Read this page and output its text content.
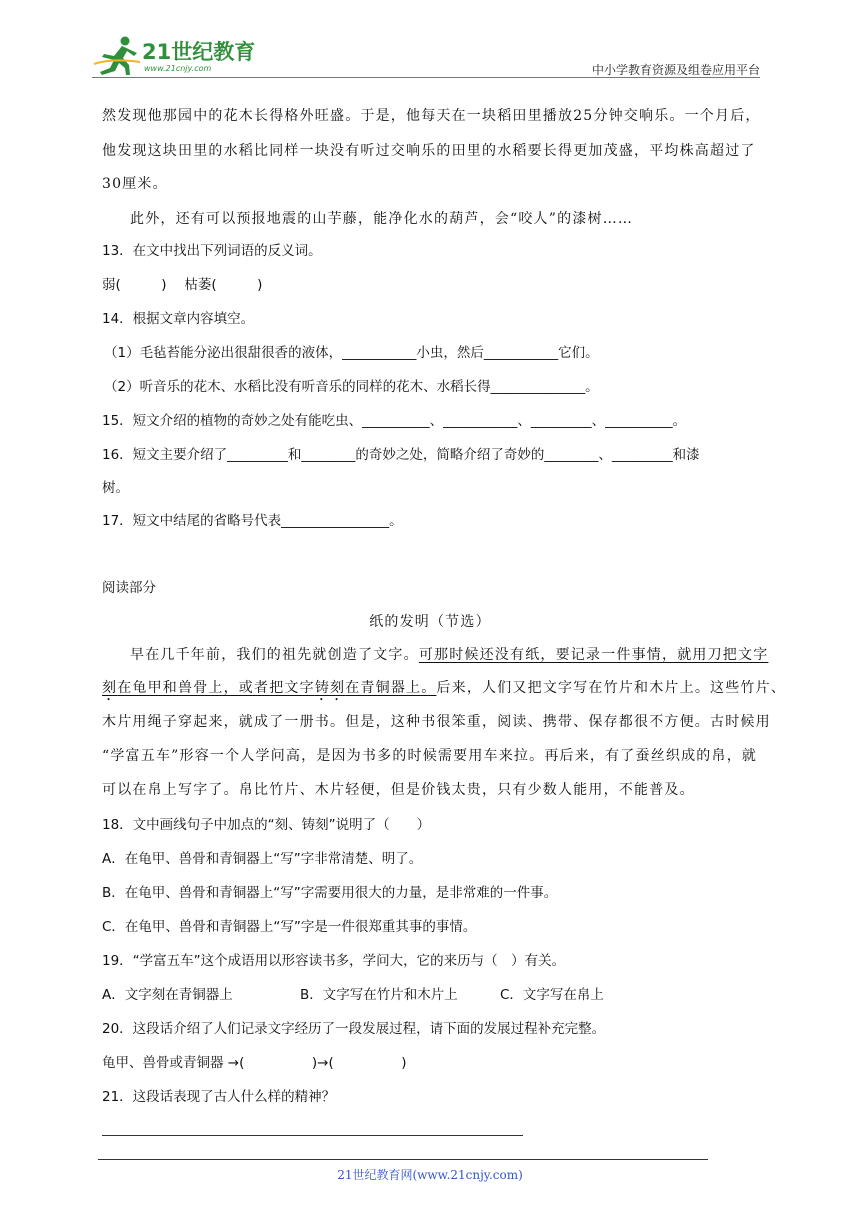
21世纪教育
www.21cnjy.com	中小学教育资源及组卷应用平台
然发现他那园中的花木长得格外旺盛。于是，他每天在一块稻田里播放25分钟交响乐。一个月后，
他发现这块田里的水稻比同样一块没有听过交响乐的田里的水稻要长得更加茂盛，平均株高超过了
30厘米。
此外，还有可以预报地震的山芋藤，能净化水的葫芦，会“咬人”的漆树……
13．在文中找出下列词语的反义词。
弱(　　　)　 枯萎(　　　)
14．根据文章内容填空。
（1）毛毡苔能分泌出很甜很香的液体，___________小虫，然后___________它们。
（2）听音乐的花木、水稻比没有听音乐的同样的花木、水稻长得______________。
15．短文介绍的植物的奇妙之处有能吃虫、__________、___________、_________、__________。
16．短文主要介绍了_________和________的奇妙之处，简略介绍了奇妙的________、_________和漆
树。
17．短文中结尾的省略号代表________________。
阅读部分
纸的发明（节选）
早在几千年前，我们的祖先就创造了文字。可那时候还没有纸，要记录一件事情，就用刀把文字
刻在龟甲和兽骨上，或者把文字铸刻在青铜器上。后来，人们又把文字写在竹片和木片上。这些竹片、
木片用绳子穿起来，就成了一册书。但是，这种书很笨重，阅读、携带、保存都很不方便。古时候用
“学富五车”形容一个人学问高，是因为书多的时候需要用车来拉。再后来，有了蚕丝织成的帛，就
可以在帛上写字了。帛比竹片、木片轻便，但是价钱太贵，只有少数人能用，不能普及。
18．文中画线句子中加点的“刻、铸刻”说明了（　　）
A．在龟甲、兽骨和青铜器上“写”字非常清楚、明了。
B．在龟甲、兽骨和青铜器上“写”字需要用很大的力量，是非常难的一件事。
C．在龟甲、兽骨和青铜器上“写”字是一件很郑重其事的事情。
19．“学富五车”这个成语用以形容读书多，学问大，它的来历与（　）有关。
A．文字刻在青铜器上	B．文字写在竹片和木片上	C．文字写在帛上
20．这段话介绍了人们记录文字经历了一段发展过程，请下面的发展过程补充完整。
龟甲、兽骨或青铜器 →(　　　　　)→(　　　　　)
21．这段话表现了古人什么样的精神？
21世纪教育网(www.21cnjy.com)
